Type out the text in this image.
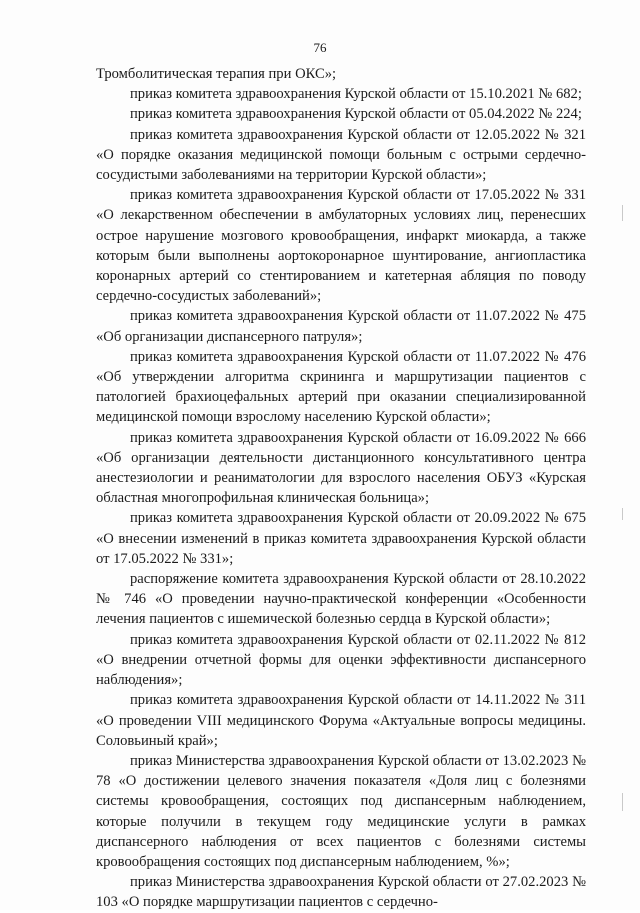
76

Тромболитическая терапия при ОКС»;

приказ комитета здравоохранения Курской области от 15.10.2021 № 682;

приказ комитета здравоохранения Курской области от 05.04.2022 № 224;

приказ комитета здравоохранения Курской области от 12.05.2022 № 321 «О порядке оказания медицинской помощи больным с острыми сердечно-сосудистыми заболеваниями на территории Курской области»;

приказ комитета здравоохранения Курской области от 17.05.2022 № 331 «О лекарственном обеспечении в амбулаторных условиях лиц, перенесших острое нарушение мозгового кровообращения, инфаркт миокарда, а также которым были выполнены аортокоронарное шунтирование, ангиопластика коронарных артерий со стентированием и катетерная абляция по поводу сердечно-сосудистых заболеваний»;

приказ комитета здравоохранения Курской области от 11.07.2022 № 475 «Об организации диспансерного патруля»;

приказ комитета здравоохранения Курской области от 11.07.2022 № 476 «Об утверждении алгоритма скрининга и маршрутизации пациентов с патологией брахиоцефальных артерий при оказании специализированной медицинской помощи взрослому населению Курской области»;

приказ комитета здравоохранения Курской области от 16.09.2022 № 666 «Об организации деятельности дистанционного консультативного центра анестезиологии и реаниматологии для взрослого населения ОБУЗ «Курская областная многопрофильная клиническая больница»;

приказ комитета здравоохранения Курской области от 20.09.2022 № 675 «О внесении изменений в приказ комитета здравоохранения Курской области от 17.05.2022 № 331»;

распоряжение комитета здравоохранения Курской области от 28.10.2022 № 746 «О проведении научно-практической конференции «Особенности лечения пациентов с ишемической болезнью сердца в Курской области»;

приказ комитета здравоохранения Курской области от 02.11.2022 № 812 «О внедрении отчетной формы для оценки эффективности диспансерного наблюдения»;

приказ комитета здравоохранения Курской области от 14.11.2022 № 311 «О проведении VIII медицинского Форума «Актуальные вопросы медицины. Соловьиный край»;

приказ Министерства здравоохранения Курской области от 13.02.2023 № 78 «О достижении целевого значения показателя «Доля лиц с болезнями системы кровообращения, состоящих под диспансерным наблюдением, которые получили в текущем году медицинские услуги в рамках диспансерного наблюдения от всех пациентов с болезнями системы кровообращения состоящих под диспансерным наблюдением, %»;

приказ Министерства здравоохранения Курской области от 27.02.2023 № 103 «О порядке маршрутизации пациентов с сердечно-
